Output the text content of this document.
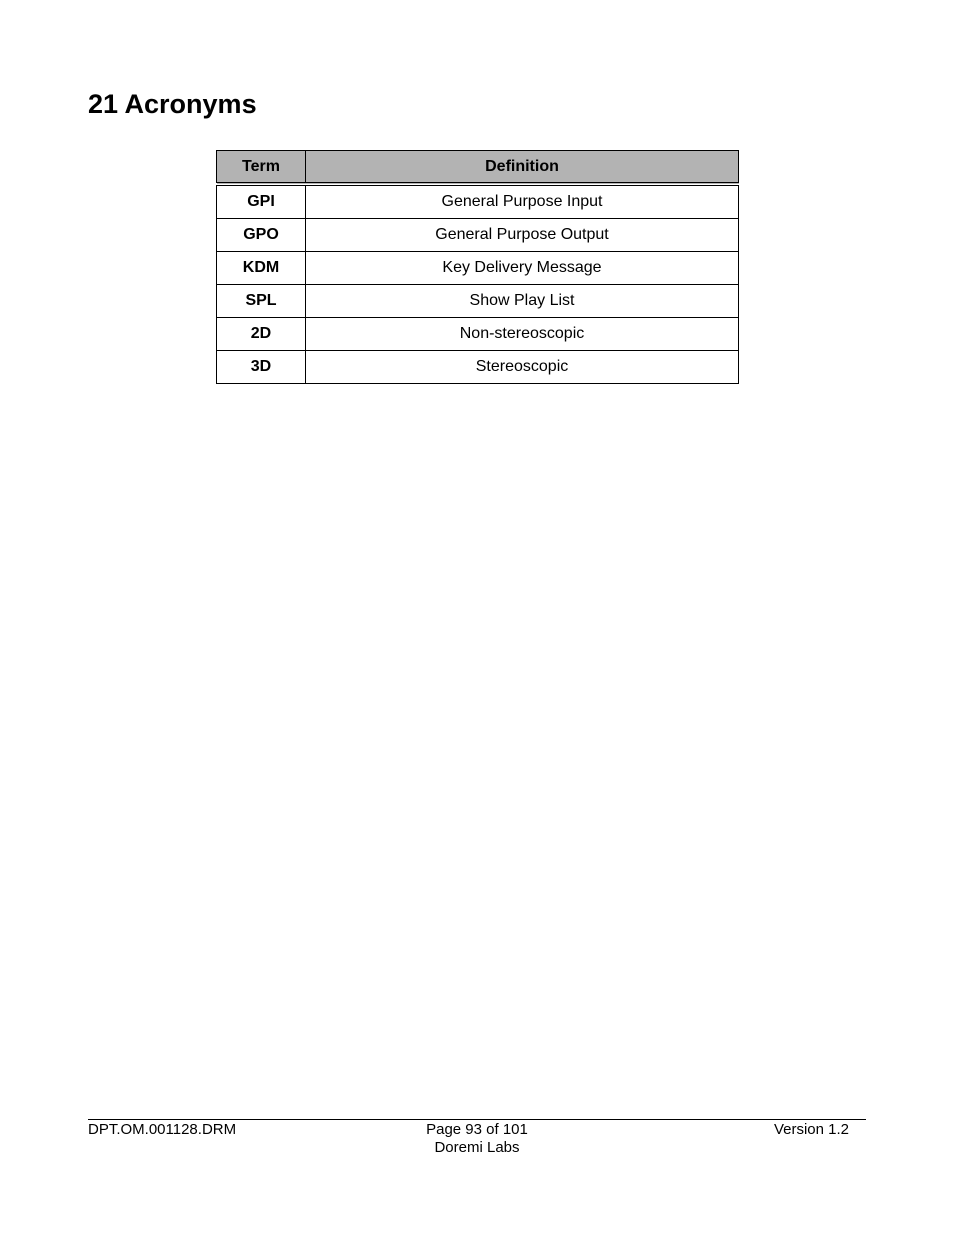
21 Acronyms
Term	Definition
GPI	General Purpose Input
GPO	General Purpose Output
KDM	Key Delivery Message
SPL	Show Play List
2D	Non-stereoscopic
3D	Stereoscopic
DPT.OM.001128.DRM	Page 93 of 101
Doremi Labs
Version 1.2
